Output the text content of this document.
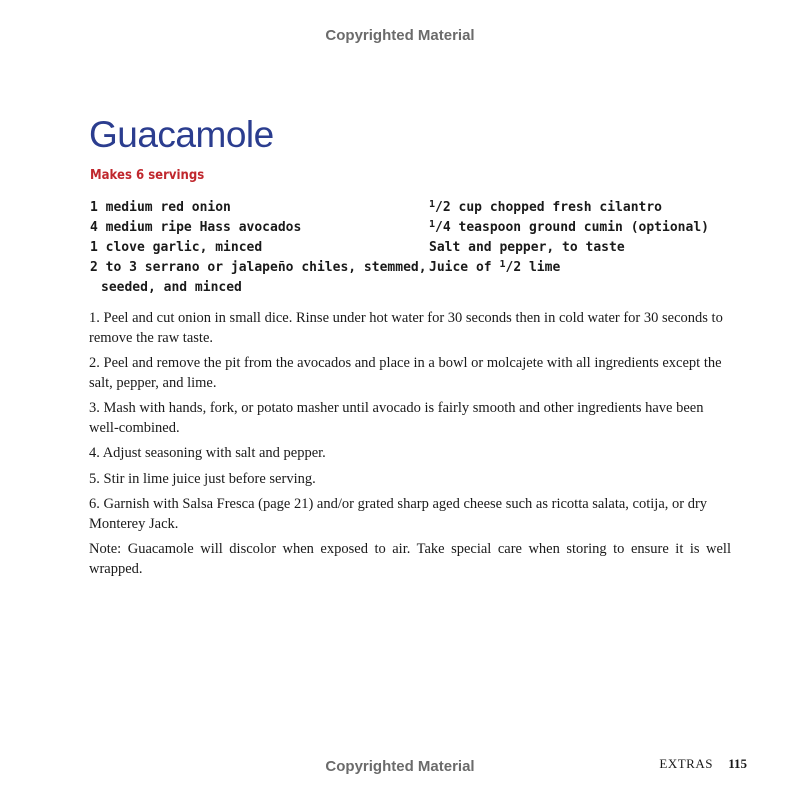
Copyrighted Material
Guacamole
Makes 6 servings
1 medium red onion
4 medium ripe Hass avocados
1 clove garlic, minced
2 to 3 serrano or jalapeño chiles, stemmed,
seeded, and minced
$^1$/2 cup chopped fresh cilantro
$^1$/4 teaspoon ground cumin (optional)
Salt and pepper, to taste
Juice of $^1$/2 lime

1. Peel and cut onion in small dice. Rinse under hot water for 30 seconds then in cold water for 30 seconds to remove the raw taste.

2. Peel and remove the pit from the avocados and place in a bowl or molcajete with all ingredients except the salt, pepper, and lime.

3. Mash with hands, fork, or potato masher until avocado is fairly smooth and other ingredients have been well-combined.

4. Adjust seasoning with salt and pepper.

5. Stir in lime juice just before serving.

6. Garnish with Salsa Fresca (page 21) and/or grated sharp aged cheese such as ricotta salata, cotija, or dry Monterey Jack.

Note: Guacamole will discolor when exposed to air. Take special care when storing to ensure it is well wrapped.

Copyrighted Material	EXTRAS 115
